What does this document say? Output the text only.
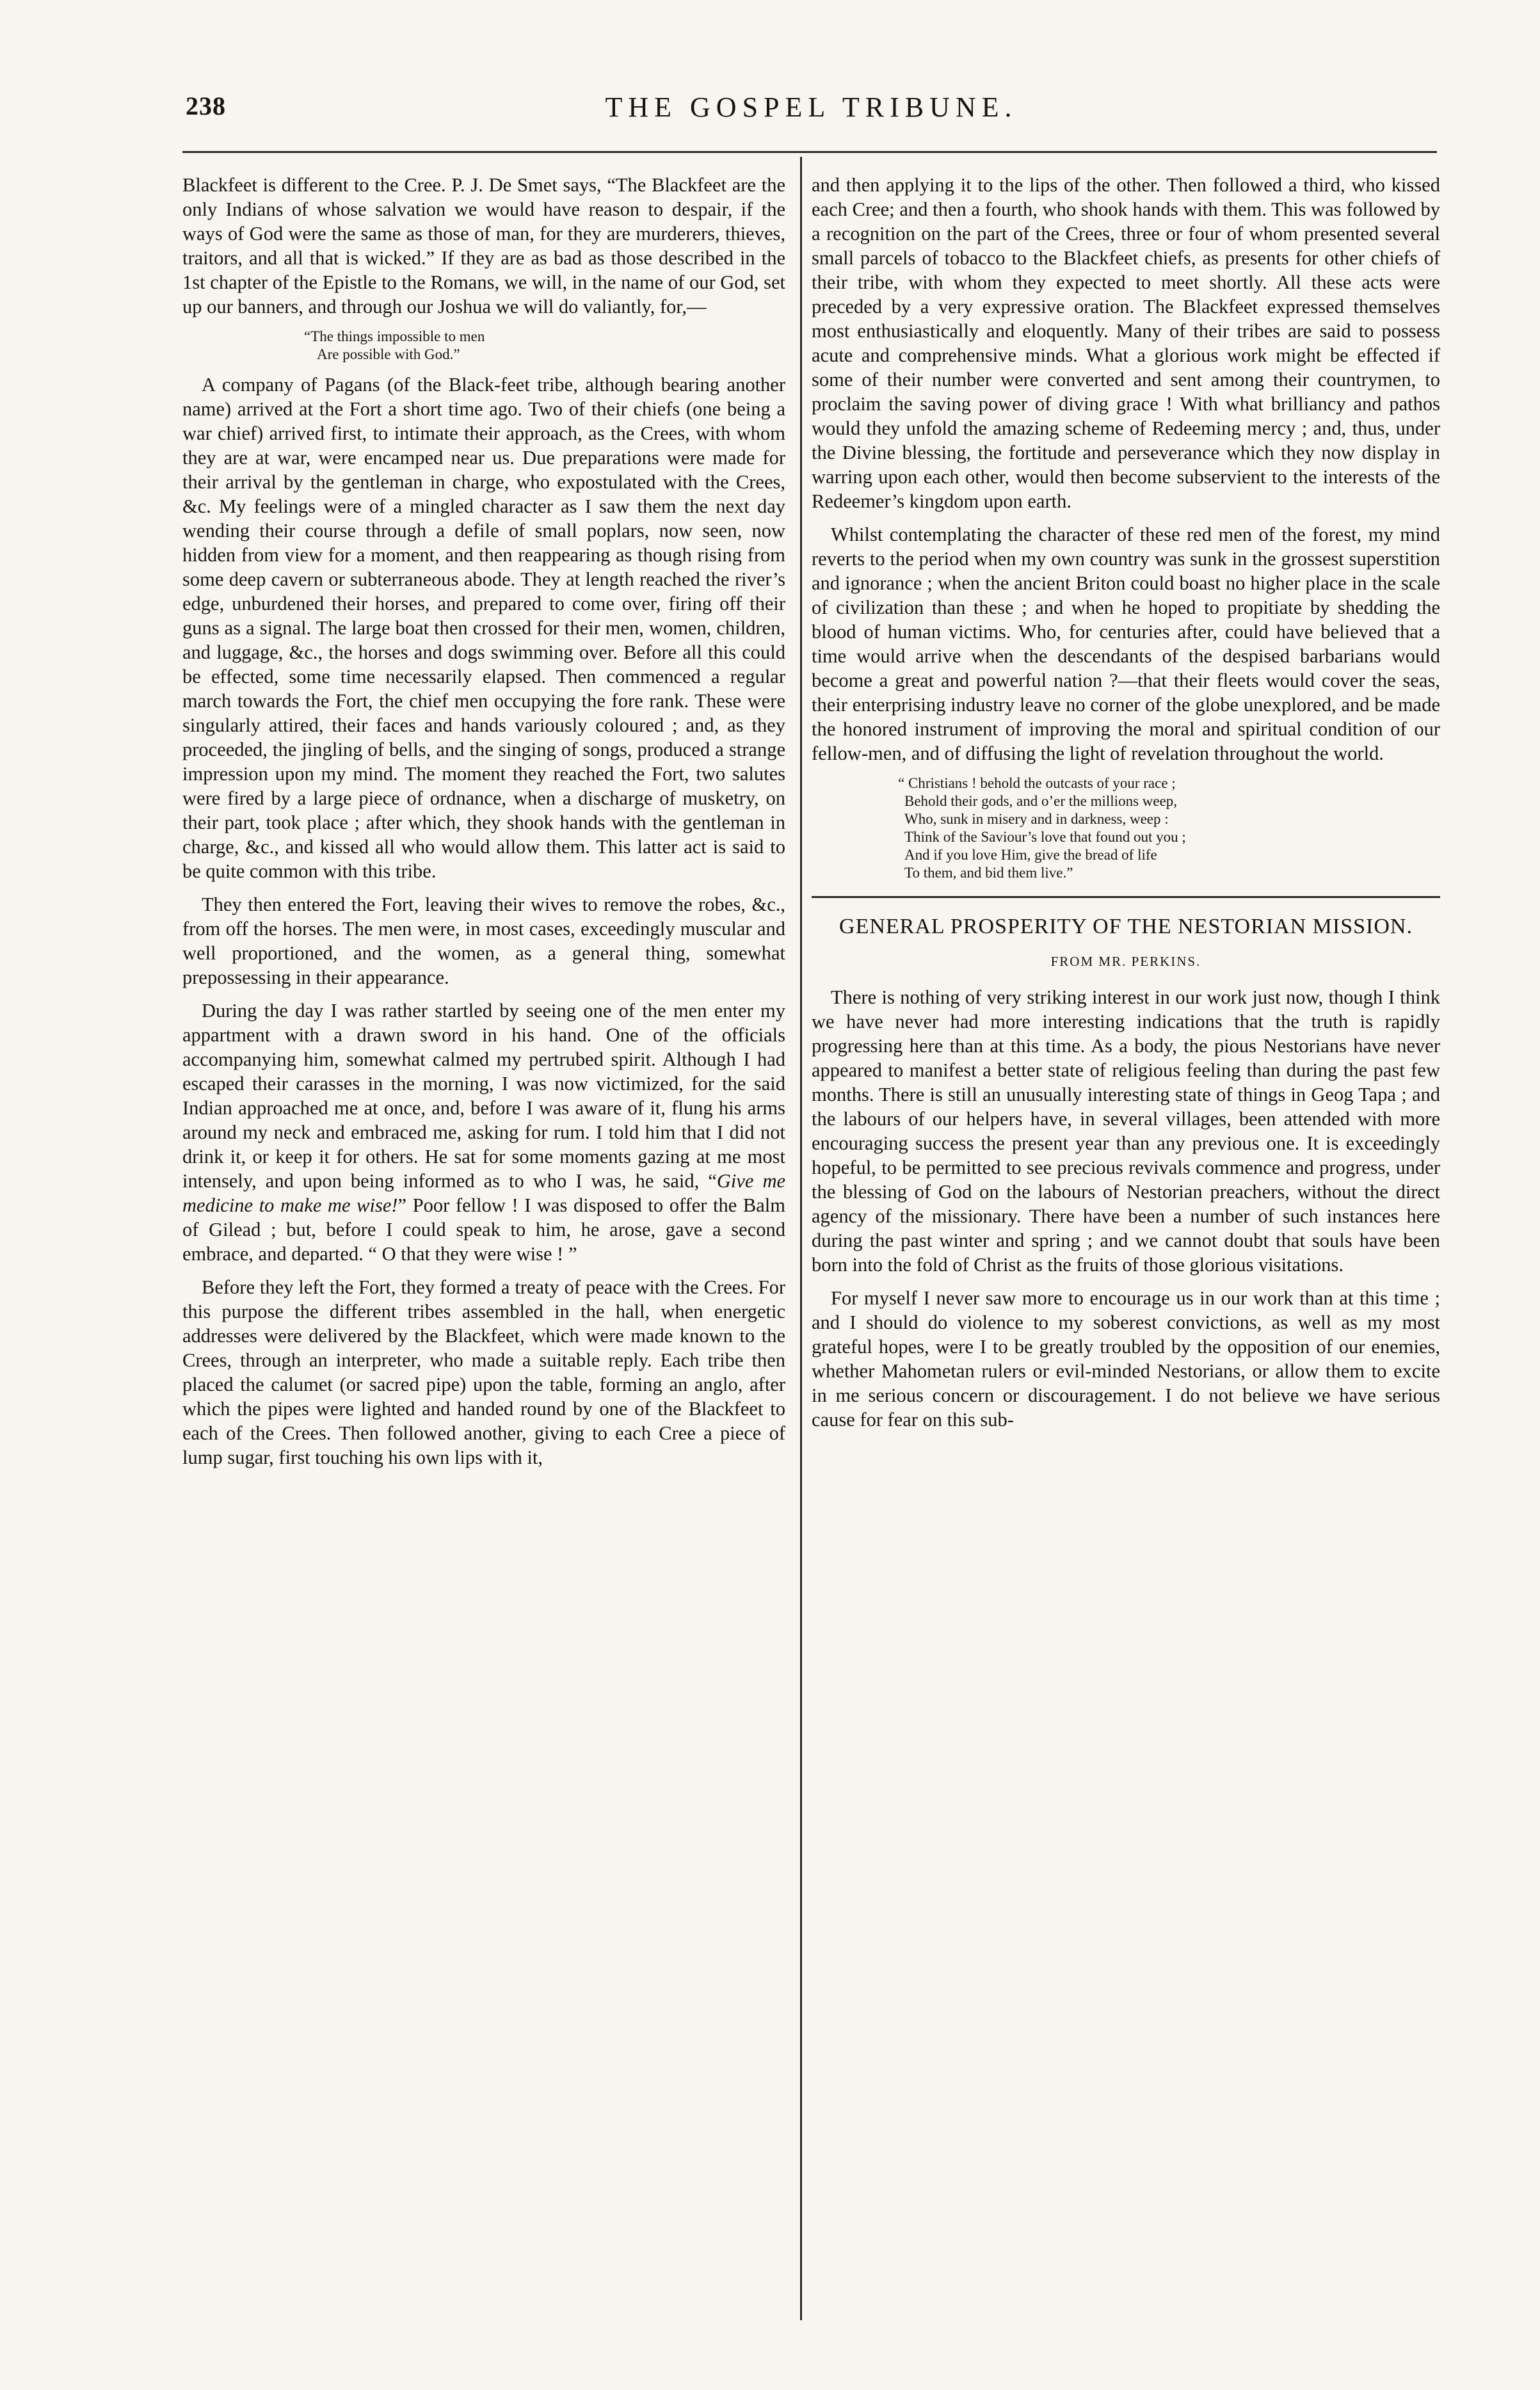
238	THE GOSPEL TRIBUNE.

Blackfeet is different to the Cree. P. J. De Smet says, “The Blackfeet are the only Indians of whose salvation we would have reason to despair, if the ways of God were the same as those of man, for they are murderers, thieves, traitors, and all that is wicked.” If they are as bad as those described in the 1st chapter of the Epistle to the Romans, we will, in the name of our God, set up our banners, and through our Joshua we will do valiantly, for,—

“The things impossible to men
Are possible with God.”

A company of Pagans (of the Black-feet tribe, although bearing another name) arrived at the Fort a short time ago. Two of their chiefs (one being a war chief) arrived first, to intimate their approach, as the Crees, with whom they are at war, were encamped near us. Due preparations were made for their arrival by the gentleman in charge, who expostulated with the Crees, &c. My feelings were of a mingled character as I saw them the next day wending their course through a defile of small poplars, now seen, now hidden from view for a moment, and then reappearing as though rising from some deep cavern or subterraneous abode. They at length reached the river’s edge, unburdened their horses, and prepared to come over, firing off their guns as a signal. The large boat then crossed for their men, women, children, and luggage, &c., the horses and dogs swimming over. Before all this could be effected, some time necessarily elapsed. Then commenced a regular march towards the Fort, the chief men occupying the fore rank. These were singularly attired, their faces and hands variously coloured ; and, as they proceeded, the jingling of bells, and the singing of songs, produced a strange impression upon my mind. The moment they reached the Fort, two salutes were fired by a large piece of ordnance, when a discharge of musketry, on their part, took place ; after which, they shook hands with the gentleman in charge, &c., and kissed all who would allow them. This latter act is said to be quite common with this tribe.

They then entered the Fort, leaving their wives to remove the robes, &c., from off the horses. The men were, in most cases, exceedingly muscular and well proportioned, and the women, as a general thing, somewhat prepossessing in their appearance.

During the day I was rather startled by seeing one of the men enter my appartment with a drawn sword in his hand. One of the officials accompanying him, somewhat calmed my pertrubed spirit. Although I had escaped their carasses in the morning, I was now victimized, for the said Indian approached me at once, and, before I was aware of it, flung his arms around my neck and embraced me, asking for rum. I told him that I did not drink it, or keep it for others. He sat for some moments gazing at me most intensely, and upon being informed as to who I was, he said, “Give me medicine to make me wise!” Poor fellow ! I was disposed to offer the Balm of Gilead ; but, before I could speak to him, he arose, gave a second embrace, and departed. “ O that they were wise ! ”

Before they left the Fort, they formed a treaty of peace with the Crees. For this purpose the different tribes assembled in the hall, when energetic addresses were delivered by the Blackfeet, which were made known to the Crees, through an interpreter, who made a suitable reply. Each tribe then placed the calumet (or sacred pipe) upon the table, forming an anglo, after which the pipes were lighted and handed round by one of the Blackfeet to each of the Crees. Then followed another, giving to each Cree a piece of lump sugar, first touching his own lips with it,

and then applying it to the lips of the other. Then followed a third, who kissed each Cree; and then a fourth, who shook hands with them. This was followed by a recognition on the part of the Crees, three or four of whom presented several small parcels of tobacco to the Blackfeet chiefs, as presents for other chiefs of their tribe, with whom they expected to meet shortly. All these acts were preceded by a very expressive oration. The Blackfeet expressed themselves most enthusiastically and eloquently. Many of their tribes are said to possess acute and comprehensive minds. What a glorious work might be effected if some of their number were converted and sent among their countrymen, to proclaim the saving power of diving grace ! With what brilliancy and pathos would they unfold the amazing scheme of Redeeming mercy ; and, thus, under the Divine blessing, the fortitude and perseverance which they now display in warring upon each other, would then become subservient to the interests of the Redeemer’s kingdom upon earth.

Whilst contemplating the character of these red men of the forest, my mind reverts to the period when my own country was sunk in the grossest superstition and ignorance ; when the ancient Briton could boast no higher place in the scale of civilization than these ; and when he hoped to propitiate by shedding the blood of human victims. Who, for centuries after, could have believed that a time would arrive when the descendants of the despised barbarians would become a great and powerful nation ?—that their fleets would cover the seas, their enterprising industry leave no corner of the globe unexplored, and be made the honored instrument of improving the moral and spiritual condition of our fellow-men, and of diffusing the light of revelation throughout the world.

“ Christians ! behold the outcasts of your race ;
Behold their gods, and o’er the millions weep,
Who, sunk in misery and in darkness, weep :
Think of the Saviour’s love that found out you ;
And if you love Him, give the bread of life
To them, and bid them live.”
GENERAL PROSPERITY OF THE NESTORIAN MISSION.
FROM MR. PERKINS.

There is nothing of very striking interest in our work just now, though I think we have never had more interesting indications that the truth is rapidly progressing here than at this time. As a body, the pious Nestorians have never appeared to manifest a better state of religious feeling than during the past few months. There is still an unusually interesting state of things in Geog Tapa ; and the labours of our helpers have, in several villages, been attended with more encouraging success the present year than any previous one. It is exceedingly hopeful, to be permitted to see precious revivals commence and progress, under the blessing of God on the labours of Nestorian preachers, without the direct agency of the missionary. There have been a number of such instances here during the past winter and spring ; and we cannot doubt that souls have been born into the fold of Christ as the fruits of those glorious visitations.

For myself I never saw more to encourage us in our work than at this time ; and I should do violence to my soberest convictions, as well as my most grateful hopes, were I to be greatly troubled by the opposition of our enemies, whether Mahometan rulers or evil-minded Nestorians, or allow them to excite in me serious concern or discouragement. I do not believe we have serious cause for fear on this sub-
